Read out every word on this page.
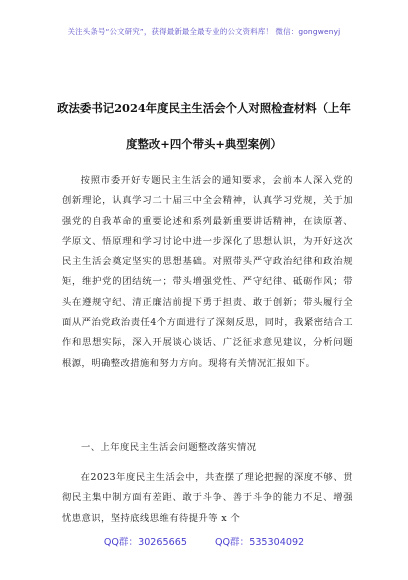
关注头条号“公文研究”，获得最新最全最专业的公文资料库！ 微信：gongwenyj
政法委书记2024年度民主生活会个人对照检查材料（上年
度整改+四个带头+典型案例）

按照市委开好专题民主生活会的通知要求，会前本人深入党的创新理论，认真学习二十届三中全会精神，认真学习党规，关于加强党的自我革命的重要论述和系列最新重要讲话精神，在读原著、学原文、悟原理和学习讨论中进一步深化了思想认识，为开好这次民主生活会奠定坚实的思想基础。对照带头严守政治纪律和政治规矩，维护党的团结统一；带头增强党性、严守纪律、砥砺作风；带头在遵规守纪、清正廉洁前提下勇于担责、敢于创新；带头履行全面从严治党政治责任4个方面进行了深刻反思，同时，我紧密结合工作和思想实际，深入开展谈心谈话、广泛征求意见建议，分析问题根源，明确整改措施和努力方向。现将有关情况汇报如下。

一、上年度民主生活会问题整改落实情况

在2023年度民主生活会中，共查摆了理论把握的深度不够、贯彻民主集中制方面有差距、敢于斗争、善于斗争的能力不足、增强忧患意识，坚持底线思维有待提升等 x 个

QQ群：30265665	QQ群：535304092
